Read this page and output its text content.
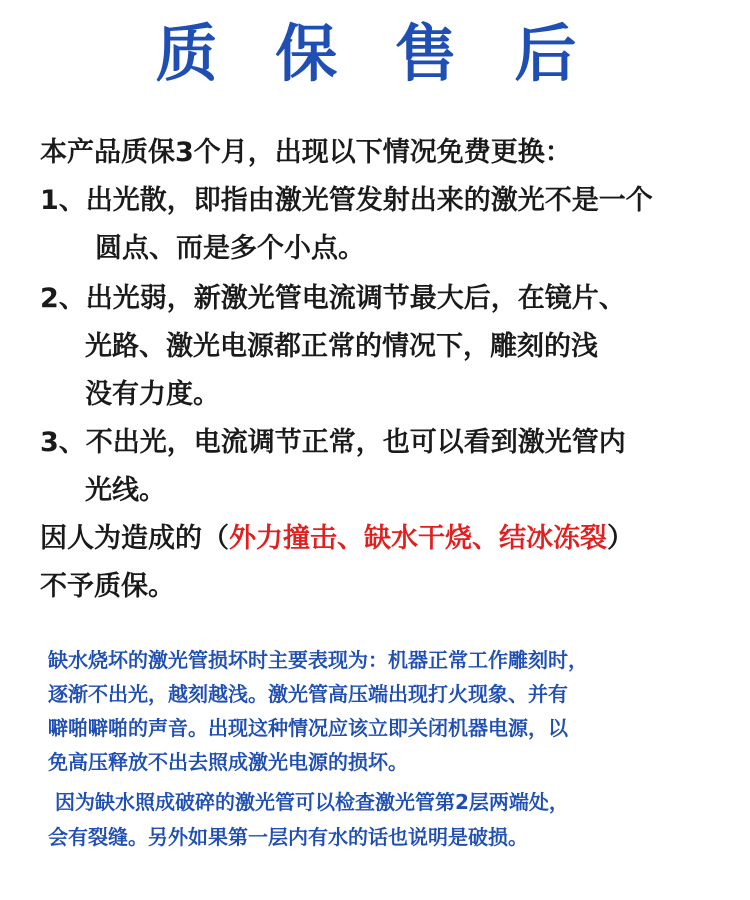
质 保 售 后
本产品质保3个月，出现以下情况免费更换：
1、出光散，即指由激光管发射出来的激光不是一个
圆点、而是多个小点。
2、出光弱，新激光管电流调节最大后，在镜片、
光路、激光电源都正常的情况下，雕刻的浅
没有力度。
3、不出光，电流调节正常，也可以看到激光管内
光线。
因人为造成的（外力撞击、缺水干烧、结冰冻裂）
不予质保。
缺水烧坏的激光管损坏时主要表现为：机器正常工作雕刻时，
逐渐不出光，越刻越浅。激光管高压端出现打火现象、并有
噼啪噼啪的声音。出现这种情况应该立即关闭机器电源，以
免高压释放不出去照成激光电源的损坏。
因为缺水照成破碎的激光管可以检查激光管第2层两端处，
会有裂缝。另外如果第一层内有水的话也说明是破损。
